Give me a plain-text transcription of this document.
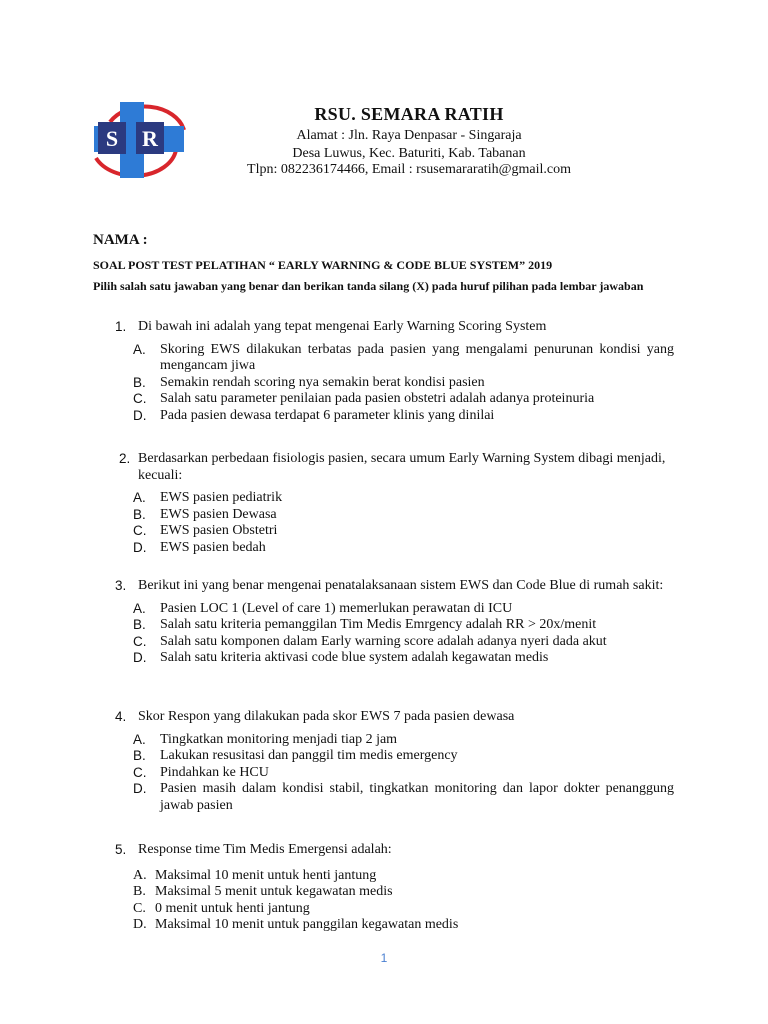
S R
RSU. SEMARA RATIH
Alamat : Jln. Raya Denpasar - Singaraja
Desa Luwus, Kec. Baturiti, Kab. Tabanan
Tlpn: 082236174466, Email : rsusemararatih@gmail.com
NAMA :
SOAL POST TEST PELATIHAN “ EARLY WARNING & CODE BLUE SYSTEM” 2019
Pilih salah satu jawaban yang benar dan berikan tanda silang (X) pada huruf pilihan pada lembar jawaban
1. Di bawah ini adalah yang tepat mengenai Early Warning Scoring System
A. Skoring EWS dilakukan terbatas pada pasien yang mengalami penurunan kondisi yang mengancam jiwa
B. Semakin rendah scoring nya semakin berat kondisi pasien
C. Salah satu parameter penilaian pada pasien obstetri adalah adanya proteinuria
D. Pada pasien dewasa terdapat 6 parameter klinis yang dinilai
2. Berdasarkan perbedaan fisiologis pasien, secara umum Early Warning System dibagi menjadi, kecuali:
A. EWS pasien pediatrik
B. EWS pasien Dewasa
C. EWS pasien Obstetri
D. EWS pasien bedah
3. Berikut ini yang benar mengenai penatalaksanaan sistem EWS dan Code Blue di rumah sakit:
A. Pasien LOC 1 (Level of care 1) memerlukan perawatan di ICU
B. Salah satu kriteria pemanggilan Tim Medis Emrgency adalah RR > 20x/menit
C. Salah satu komponen dalam Early warning score adalah adanya nyeri dada akut
D. Salah satu kriteria aktivasi code blue system adalah kegawatan medis
4. Skor Respon yang dilakukan pada skor EWS 7 pada pasien dewasa
A. Tingkatkan monitoring menjadi tiap 2 jam
B. Lakukan resusitasi dan panggil tim medis emergency
C. Pindahkan ke HCU
D. Pasien masih dalam kondisi stabil, tingkatkan monitoring dan lapor dokter penanggung jawab pasien
5. Response time Tim Medis Emergensi adalah:
A. Maksimal 10 menit untuk henti jantung
B. Maksimal 5 menit untuk kegawatan medis
C. 0 menit untuk henti jantung
D. Maksimal 10 menit untuk panggilan kegawatan medis
1
